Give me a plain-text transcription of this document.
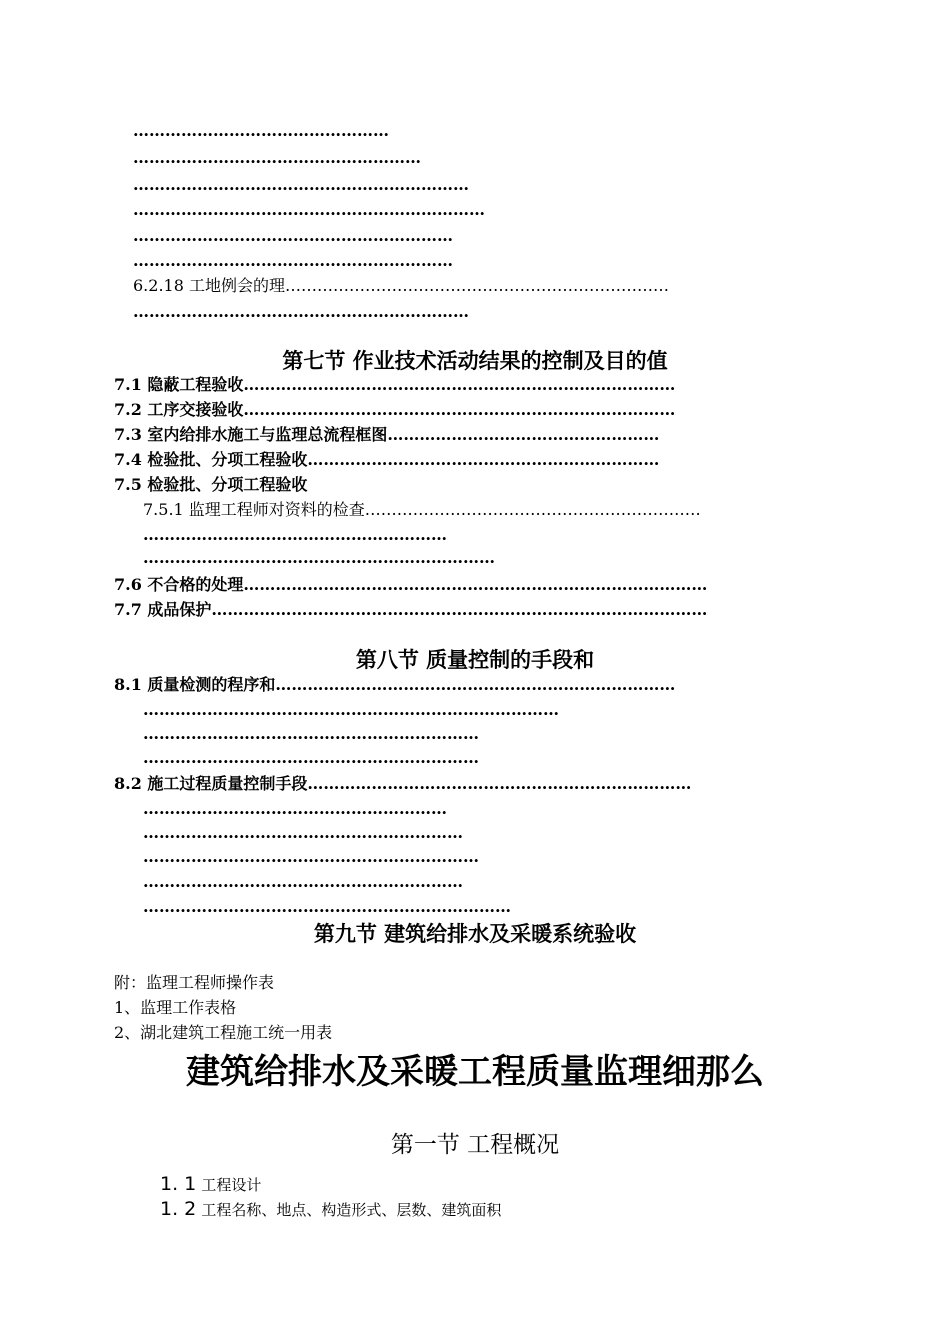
…………………………………………
………………………………………………
………………………………………………………
…………………………………………………………
……………………………………………………
……………………………………………………
6.2.18 工地例会的理………………………………………………………………
………………………………………………………
第七节 作业技术活动结果的控制及目的值
7.1 隐蔽工程验收………………………………………………………………………
7.2 工序交接验收………………………………………………………………………
7.3 室内给排水施工与监理总流程框图……………………………………………
7.4 检验批、分项工程验收…………………………………………………………
7.5 检验批、分项工程验收
7.5.1 监理工程师对资料的检查………………………………………………………
…………………………………………………
…………………………………………………………
7.6 不合格的处理……………………………………………………………………………
7.7 成品保护…………………………………………………………………………………
第八节 质量控制的手段和
8.1 质量检测的程序和…………………………………………………………………
……………………………………………………………………
………………………………………………………
………………………………………………………
8.2 施工过程质量控制手段………………………………………………………………
…………………………………………………
……………………………………………………
………………………………………………………
……………………………………………………
……………………………………………………………
第九节 建筑给排水及采暖系统验收
附：监理工程师操作表
1、监理工作表格
2、湖北建筑工程施工统一用表
建筑给排水及采暖工程质量监理细那么
第一节 工程概况
1. 1 工程设计
1. 2 工程名称、地点、构造形式、层数、建筑面积
